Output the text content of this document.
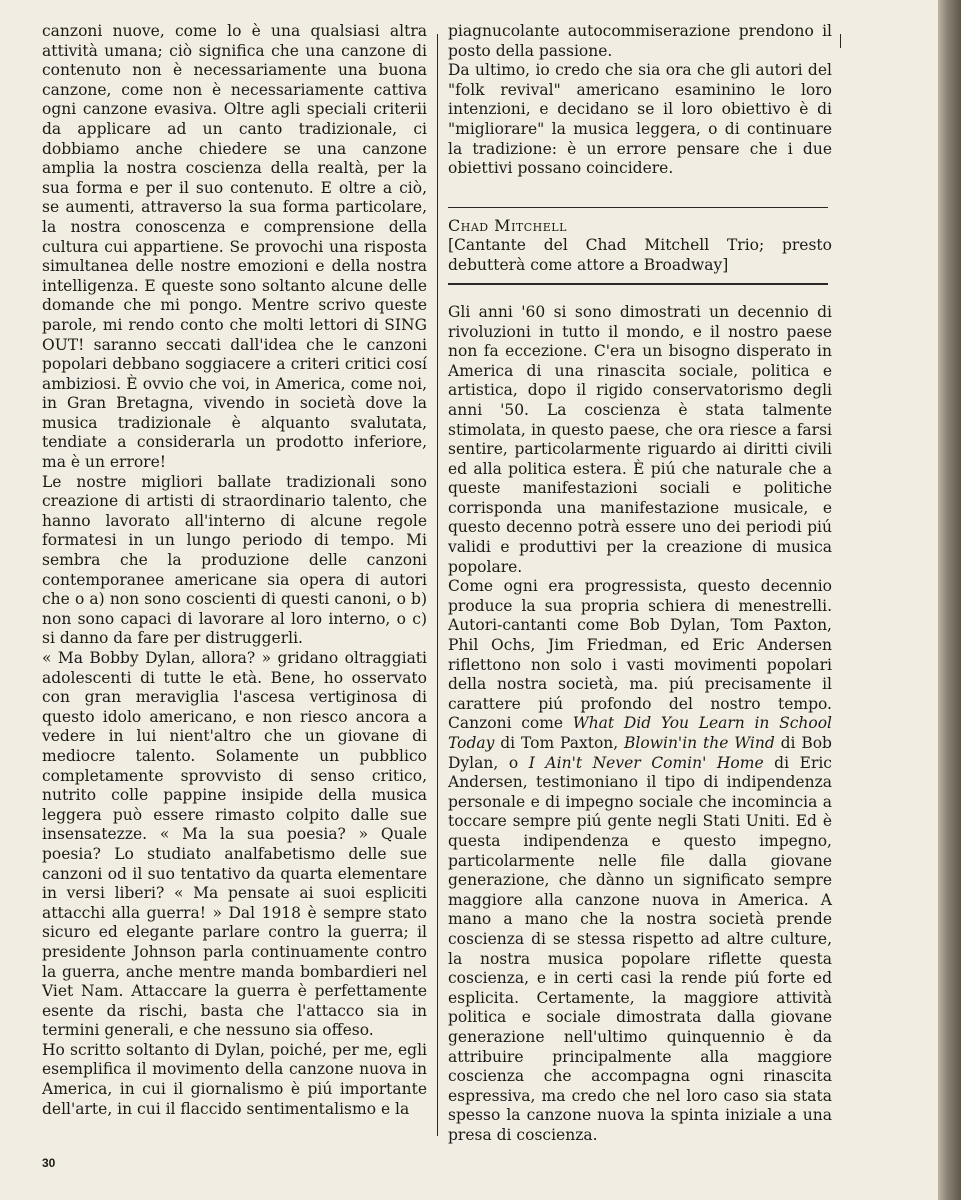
canzoni nuove, come lo è una qualsiasi altra attività umana; ciò significa che una canzone di contenuto non è necessariamente una buona canzone, come non è necessariamente cattiva ogni canzone evasiva. Oltre agli speciali criterii da applicare ad un canto tradizionale, ci dobbiamo anche chiedere se una canzone amplia la nostra coscienza della realtà, per la sua forma e per il suo contenuto. E oltre a ciò, se aumenti, attraverso la sua forma particolare, la nostra conoscenza e comprensione della cultura cui appartiene. Se provochi una risposta simultanea delle nostre emozioni e della nostra intelligenza. E queste sono soltanto alcune delle domande che mi pongo. Mentre scrivo queste parole, mi rendo conto che molti lettori di SING OUT! saranno seccati dall'idea che le canzoni popolari debbano soggiacere a criteri critici cosí ambiziosi. È ovvio che voi, in America, come noi, in Gran Bretagna, vivendo in società dove la musica tradizionale è alquanto svalutata, tendiate a considerarla un prodotto inferiore, ma è un errore!

Le nostre migliori ballate tradizionali sono creazione di artisti di straordinario talento, che hanno lavorato all'interno di alcune regole formatesi in un lungo periodo di tempo. Mi sembra che la produzione delle canzoni contemporanee americane sia opera di autori che o a) non sono coscienti di questi canoni, o b) non sono capaci di lavorare al loro interno, o c) si danno da fare per distruggerli.

« Ma Bobby Dylan, allora? » gridano oltraggiati adolescenti di tutte le età. Bene, ho osservato con gran meraviglia l'ascesa vertiginosa di questo idolo americano, e non riesco ancora a vedere in lui nient'altro che un giovane di mediocre talento. Solamente un pubblico completamente sprovvisto di senso critico, nutrito colle pappine insipide della musica leggera può essere rimasto colpito dalle sue insensatezze. « Ma la sua poesia? » Quale poesia? Lo studiato analfabetismo delle sue canzoni od il suo tentativo da quarta elementare in versi liberi? « Ma pensate ai suoi espliciti attacchi alla guerra! » Dal 1918 è sempre stato sicuro ed elegante parlare contro la guerra; il presidente Johnson parla continuamente contro la guerra, anche mentre manda bombardieri nel Viet Nam. Attaccare la guerra è perfettamente esente da rischi, basta che l'attacco sia in termini generali, e che nessuno sia offeso.

Ho scritto soltanto di Dylan, poiché, per me, egli esemplifica il movimento della canzone nuova in America, in cui il giornalismo è piú importante dell'arte, in cui il flaccido sentimentalismo e la

piagnucolante autocommiserazione prendono il posto della passione.

Da ultimo, io credo che sia ora che gli autori del "folk revival" americano esaminino le loro intenzioni, e decidano se il loro obiettivo è di "migliorare" la musica leggera, o di continuare la tradizione: è un errore pensare che i due obiettivi possano coincidere.

Chad Mitchell

[Cantante del Chad Mitchell Trio; presto debutterà come attore a Broadway]

Gli anni '60 si sono dimostrati un decennio di rivoluzioni in tutto il mondo, e il nostro paese non fa eccezione. C'era un bisogno disperato in America di una rinascita sociale, politica e artistica, dopo il rigido conservatorismo degli anni '50. La coscienza è stata talmente stimolata, in questo paese, che ora riesce a farsi sentire, particolarmente riguardo ai diritti civili ed alla politica estera. È piú che naturale che a queste manifestazioni sociali e politiche corrisponda una manifestazione musicale, e questo decenno potrà essere uno dei periodi piú validi e produttivi per la creazione di musica popolare.

Come ogni era progressista, questo decennio produce la sua propria schiera di menestrelli. Autori-cantanti come Bob Dylan, Tom Paxton, Phil Ochs, Jim Friedman, ed Eric Andersen riflettono non solo i vasti movimenti popolari della nostra società, ma. piú precisamente il carattere piú profondo del nostro tempo. Canzoni come What Did You Learn in School Today di Tom Paxton, Blowin'in the Wind di Bob Dylan, o I Ain't Never Comin' Home di Eric Andersen, testimoniano il tipo di indipendenza personale e di impegno sociale che incomincia a toccare sempre piú gente negli Stati Uniti. Ed è questa indipendenza e questo impegno, particolarmente nelle file dalla giovane generazione, che dànno un significato sempre maggiore alla canzone nuova in America. A mano a mano che la nostra società prende coscienza di se stessa rispetto ad altre culture, la nostra musica popolare riflette questa coscienza, e in certi casi la rende piú forte ed esplicita. Certamente, la maggiore attività politica e sociale dimostrata dalla giovane generazione nell'ultimo quinquennio è da attribuire principalmente alla maggiore coscienza che accompagna ogni rinascita espressiva, ma credo che nel loro caso sia stata spesso la canzone nuova la spinta iniziale a una presa di coscienza.

30
